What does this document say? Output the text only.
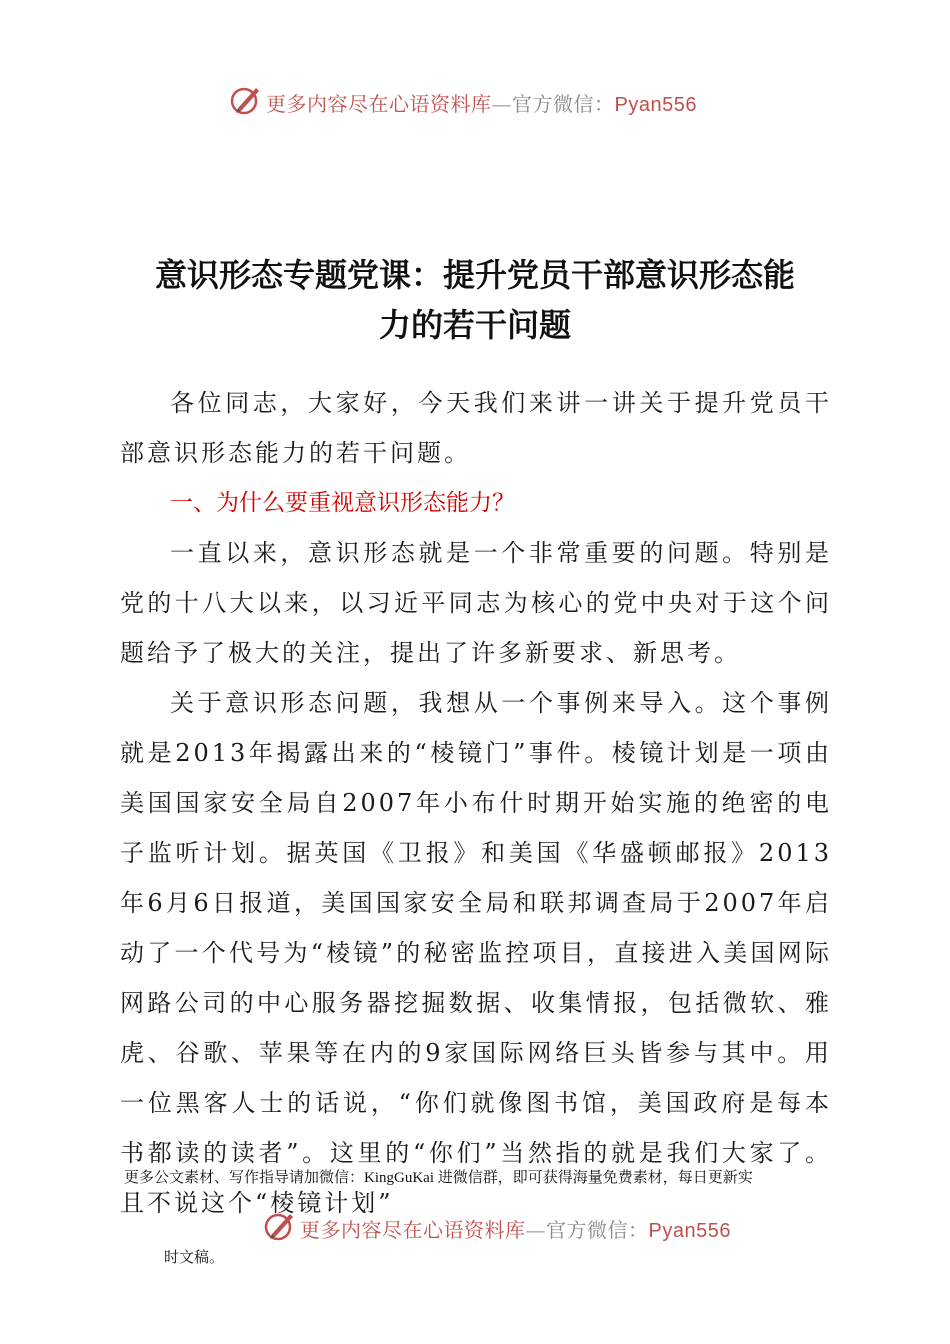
更多内容尽在心语资料库—官方微信：Pyan556
意识形态专题党课：提升党员干部意识形态能
力的若干问题

各位同志，大家好，今天我们来讲一讲关于提升党员干部意识形态能力的若干问题。

一、为什么要重视意识形态能力？

一直以来，意识形态就是一个非常重要的问题。特别是党的十八大以来，以习近平同志为核心的党中央对于这个问题给予了极大的关注，提出了许多新要求、新思考。

关于意识形态问题，我想从一个事例来导入。这个事例就是2013年揭露出来的“棱镜门”事件。棱镜计划是一项由美国国家安全局自2007年小布什时期开始实施的绝密的电子监听计划。据英国《卫报》和美国《华盛顿邮报》2013年6月6日报道，美国国家安全局和联邦调查局于2007年启动了一个代号为“棱镜”的秘密监控项目，直接进入美国网际网路公司的中心服务器挖掘数据、收集情报，包括微软、雅虎、谷歌、苹果等在内的9家国际网络巨头皆参与其中。用一位黑客人士的话说，“你们就像图书馆，美国政府是每本书都读的读者”。这里的“你们”当然指的就是我们大家了。且不说这个“棱镜计划”

更多公文素材、写作指导请加微信：KingGuKai 进微信群，即可获得海量免费素材，每日更新实
更多内容尽在心语资料库—官方微信：Pyan556
时文稿。
